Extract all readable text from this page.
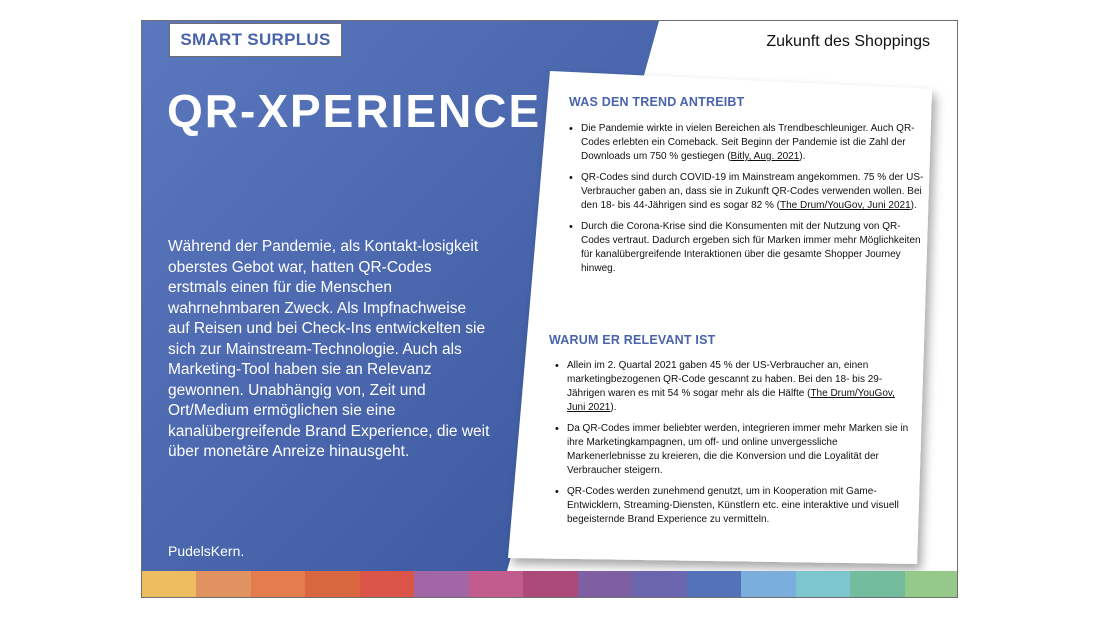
SMART SURPLUS	Zukunft des Shoppings
QR-XPERIENCE
Während der Pandemie, als Kontakt-losigkeit oberstes Gebot war, hatten QR-Codes erstmals einen für die Menschen wahrnehmbaren Zweck. Als Impfnachweise auf Reisen und bei Check-Ins entwickelten sie sich zur Mainstream-Technologie. Auch als Marketing-Tool haben sie an Relevanz gewonnen. Unabhängig von, Zeit und Ort/Medium ermöglichen sie eine kanalübergreifende Brand Experience, die weit über monetäre Anreize hinausgeht.
PudelsKern.
WAS DEN TREND ANTREIBT
• Die Pandemie wirkte in vielen Bereichen als Trendbeschleuniger. Auch QR-Codes erlebten ein Comeback. Seit Beginn der Pandemie ist die Zahl der Downloads um 750 % gestiegen (Bitly, Aug. 2021).
• QR-Codes sind durch COVID-19 im Mainstream angekommen. 75 % der US-Verbraucher gaben an, dass sie in Zukunft QR-Codes verwenden wollen. Bei den 18- bis 44-Jährigen sind es sogar 82 % (The Drum/YouGov, Juni 2021).
• Durch die Corona-Krise sind die Konsumenten mit der Nutzung von QR-Codes vertraut. Dadurch ergeben sich für Marken immer mehr Möglichkeiten für kanalübergreifende Interaktionen über die gesamte Shopper Journey hinweg.
WARUM ER RELEVANT IST
• Allein im 2. Quartal 2021 gaben 45 % der US-Verbraucher an, einen marketingbezogenen QR-Code gescannt zu haben. Bei den 18- bis 29-Jährigen waren es mit 54 % sogar mehr als die Hälfte (The Drum/YouGov, Juni 2021).
• Da QR-Codes immer beliebter werden, integrieren immer mehr Marken sie in ihre Marketingkampagnen, um off- und online unvergessliche Markenerlebnisse zu kreieren, die die Konversion und die Loyalität der Verbraucher steigern.
• QR-Codes werden zunehmend genutzt, um in Kooperation mit Game-Entwicklern, Streaming-Diensten, Künstlern etc. eine interaktive und visuell begeisternde Brand Experience zu vermitteln.
